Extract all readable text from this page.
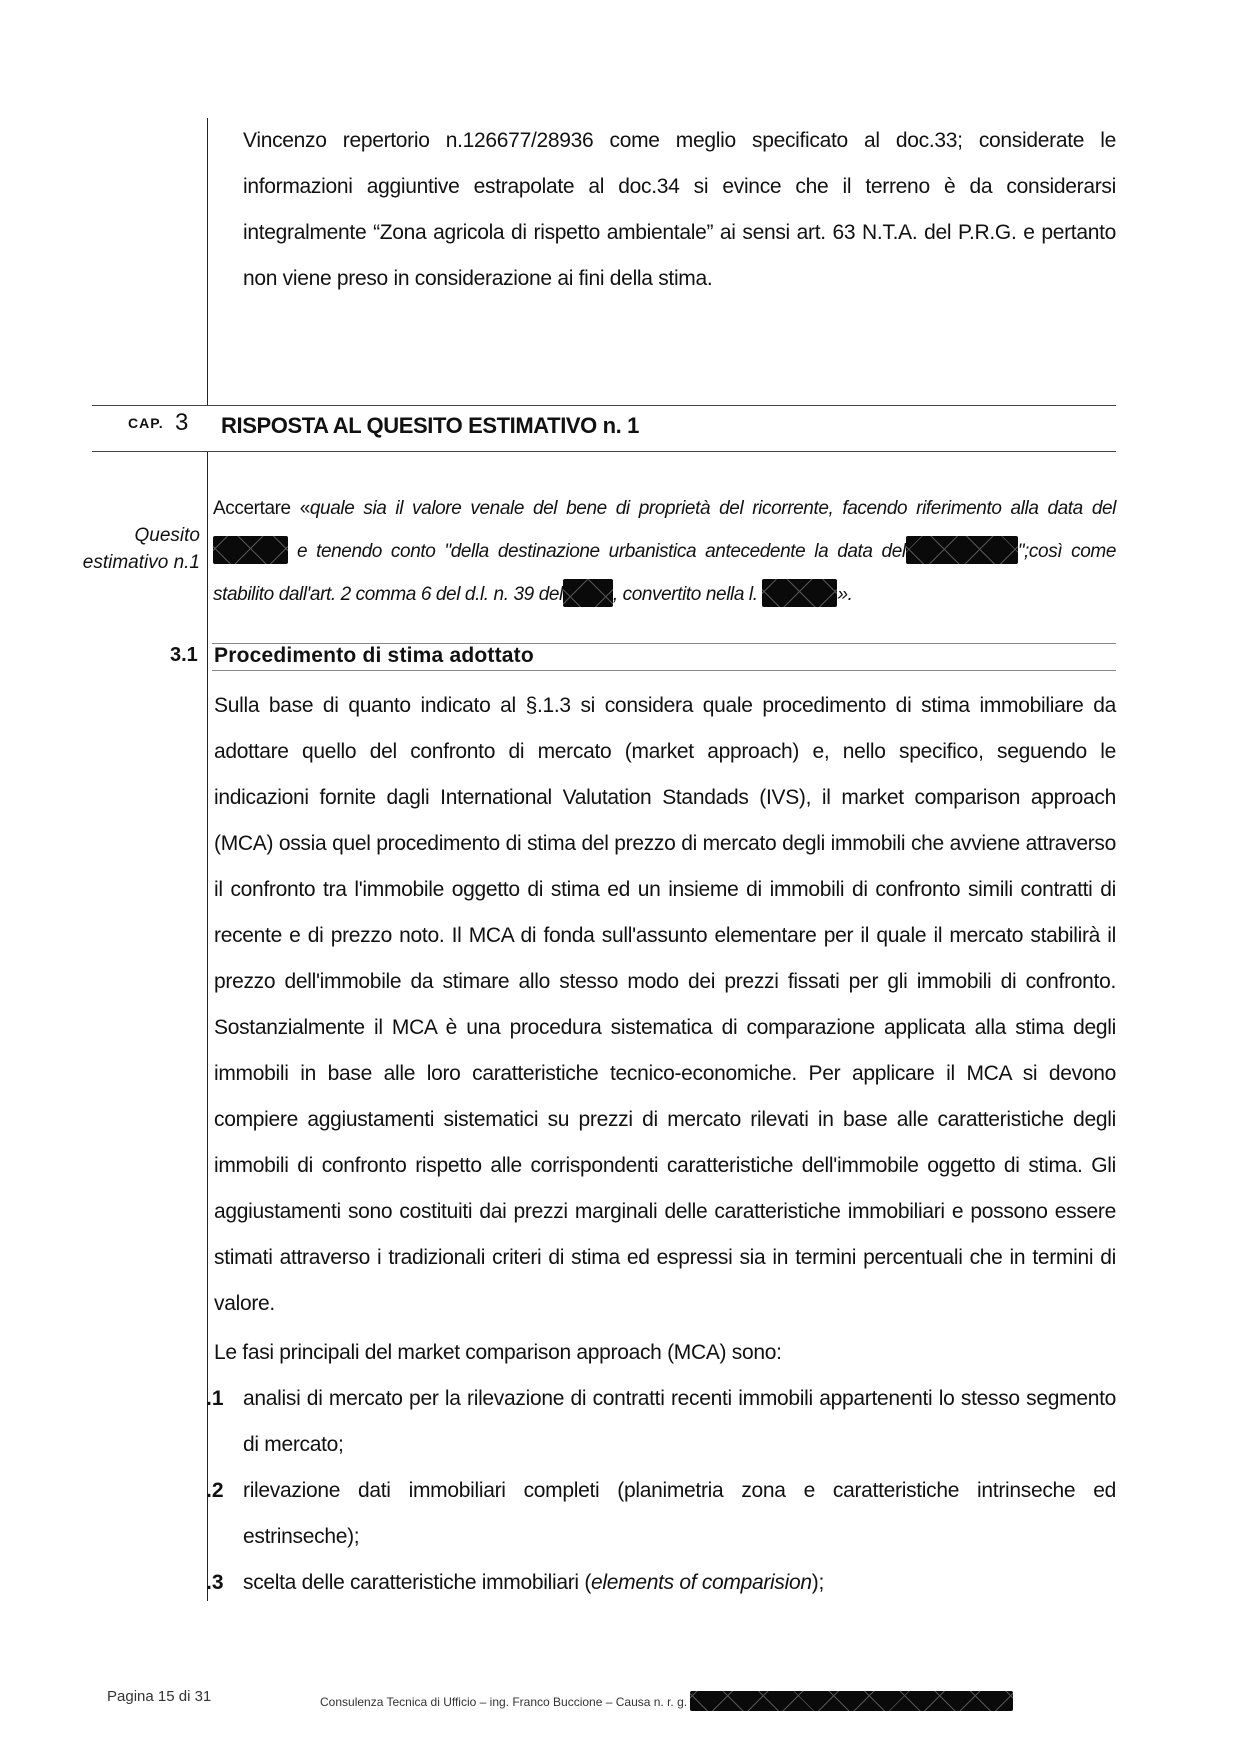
Vincenzo repertorio n.126677/28936 come meglio specificato al doc.33; considerate le informazioni aggiuntive estrapolate al doc.34 si evince che il terreno è da considerarsi integralmente “Zona agricola di rispetto ambientale” ai sensi art. 63 N.T.A. del P.R.G. e pertanto non viene preso in considerazione ai fini della stima.
CAP. 3 RISPOSTA AL QUESITO ESTIMATIVO n. 1
Quesito estimativo n.1
Accertare «quale sia il valore venale del bene di proprietà del ricorrente, facendo riferimento alla data del  e tenendo conto "della destinazione urbanistica antecedente la data del	";così come stabilito dall'art. 2 comma 6 del d.l. n. 39 del	, convertito nella l.	».
3.1 Procedimento di stima adottato
Sulla base di quanto indicato al §.1.3 si considera quale procedimento di stima immobiliare da adottare quello del confronto di mercato (market approach) e, nello specifico, seguendo le indicazioni fornite dagli International Valutation Standads (IVS), il market comparison approach (MCA) ossia quel procedimento di stima del prezzo di mercato degli immobili che avviene attraverso il confronto tra l'immobile oggetto di stima ed un insieme di immobili di confronto simili contratti di recente e di prezzo noto. Il MCA di fonda sull'assunto elementare per il quale il mercato stabilirà il prezzo dell'immobile da stimare allo stesso modo dei prezzi fissati per gli immobili di confronto. Sostanzialmente il MCA è una procedura sistematica di comparazione applicata alla stima degli immobili in base alle loro caratteristiche tecnico-economiche. Per applicare il MCA si devono compiere aggiustamenti sistematici su prezzi di mercato rilevati in base alle caratteristiche degli immobili di confronto rispetto alle corrispondenti caratteristiche dell'immobile oggetto di stima. Gli aggiustamenti sono costituiti dai prezzi marginali delle caratteristiche immobiliari e possono essere stimati attraverso i tradizionali criteri di stima ed espressi sia in termini percentuali che in termini di valore.
Le fasi principali del market comparison approach (MCA) sono:
.1 analisi di mercato per la rilevazione di contratti recenti immobili appartenenti lo stesso segmento di mercato;
.2 rilevazione dati immobiliari completi (planimetria zona e caratteristiche intrinseche ed estrinseche);
.3 scelta delle caratteristiche immobiliari (elements of comparision);
Pagina 15 di 31	Consulenza Tecnica di Ufficio – ing. Franco Buccione – Causa n. r. g.
